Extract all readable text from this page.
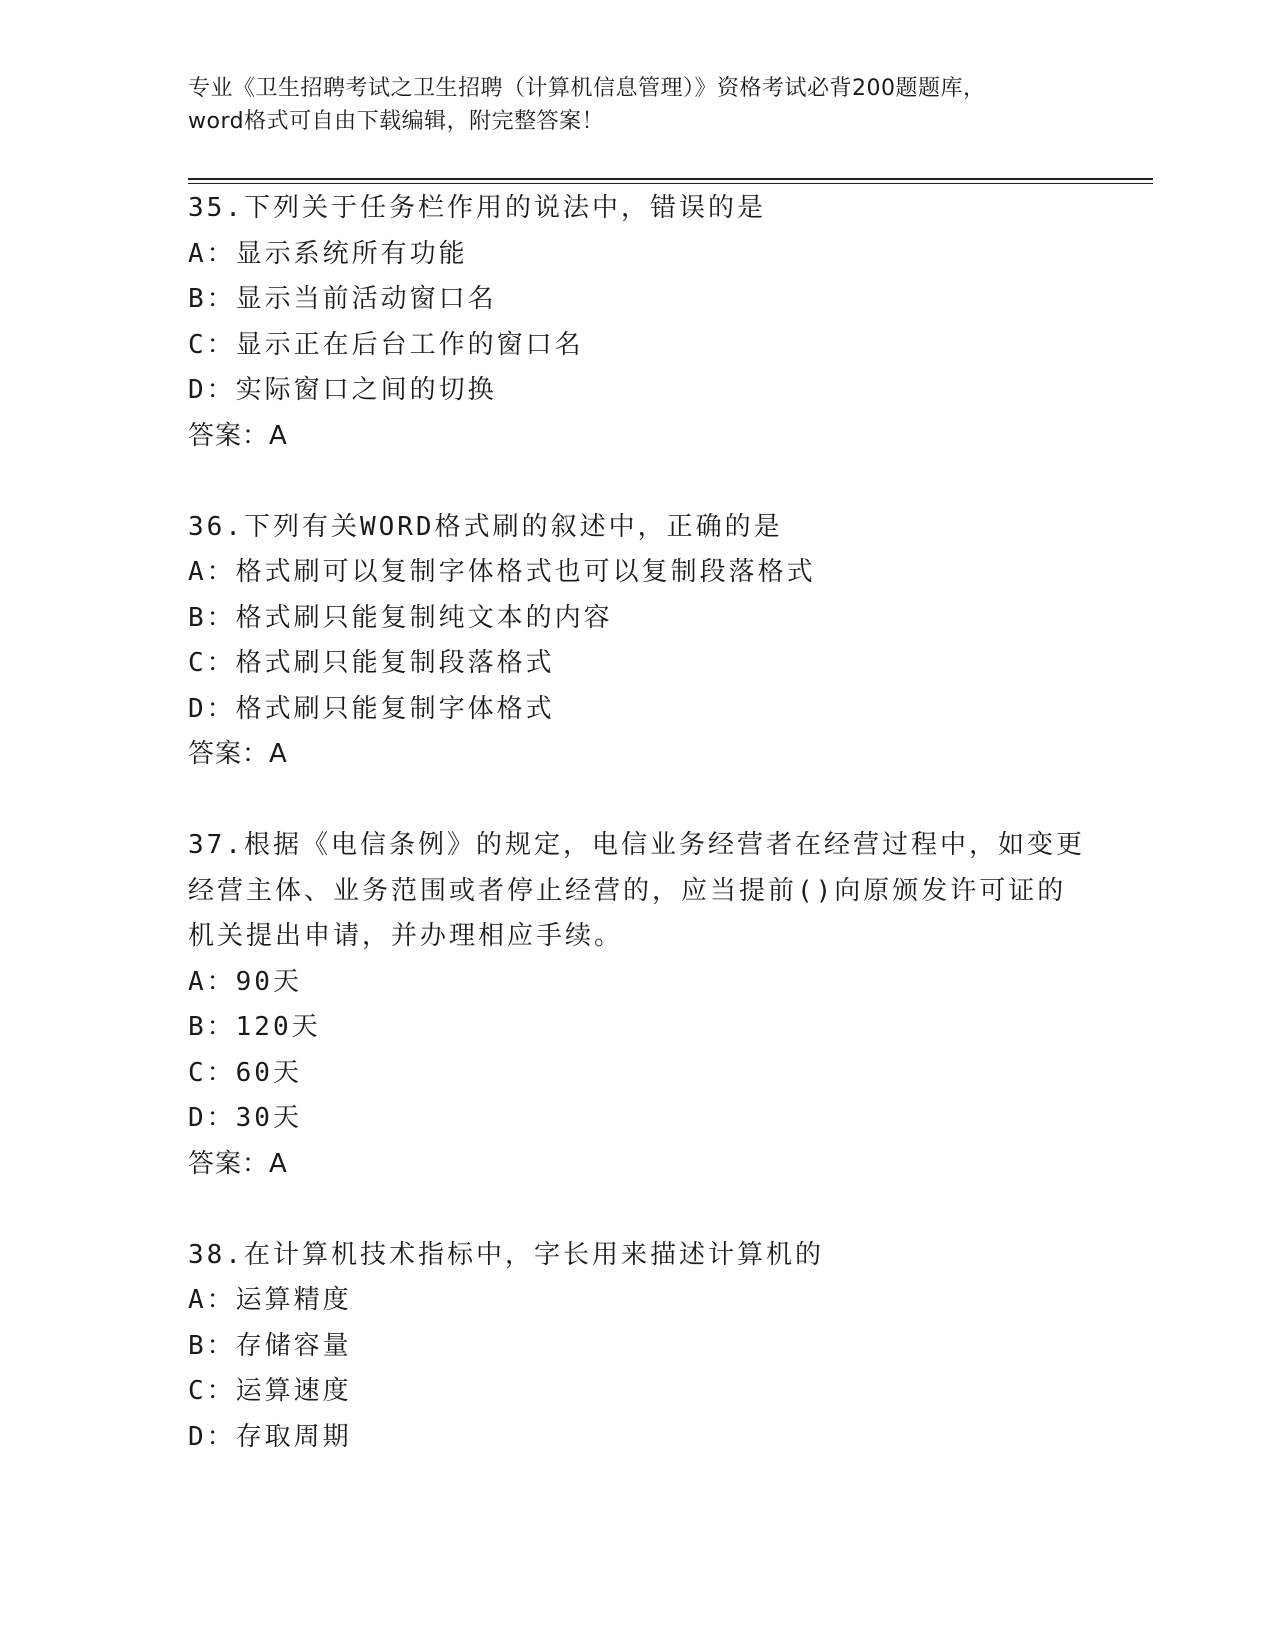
专业《卫生招聘考试之卫生招聘（计算机信息管理）》资格考试必背200题题库，
word格式可自由下载编辑，附完整答案！
35.下列关于任务栏作用的说法中，错误的是
A：显示系统所有功能
B：显示当前活动窗口名
C：显示正在后台工作的窗口名
D：实际窗口之间的切换
答案：A
36.下列有关WORD格式刷的叙述中，正确的是
A：格式刷可以复制字体格式也可以复制段落格式
B：格式刷只能复制纯文本的内容
C：格式刷只能复制段落格式
D：格式刷只能复制字体格式
答案：A
37.根据《电信条例》的规定，电信业务经营者在经营过程中，如变更
经营主体、业务范围或者停止经营的，应当提前()向原颁发许可证的
机关提出申请，并办理相应手续。
A：90天
B：120天
C：60天
D：30天
答案：A
38.在计算机技术指标中，字长用来描述计算机的
A：运算精度
B：存储容量
C：运算速度
D：存取周期
